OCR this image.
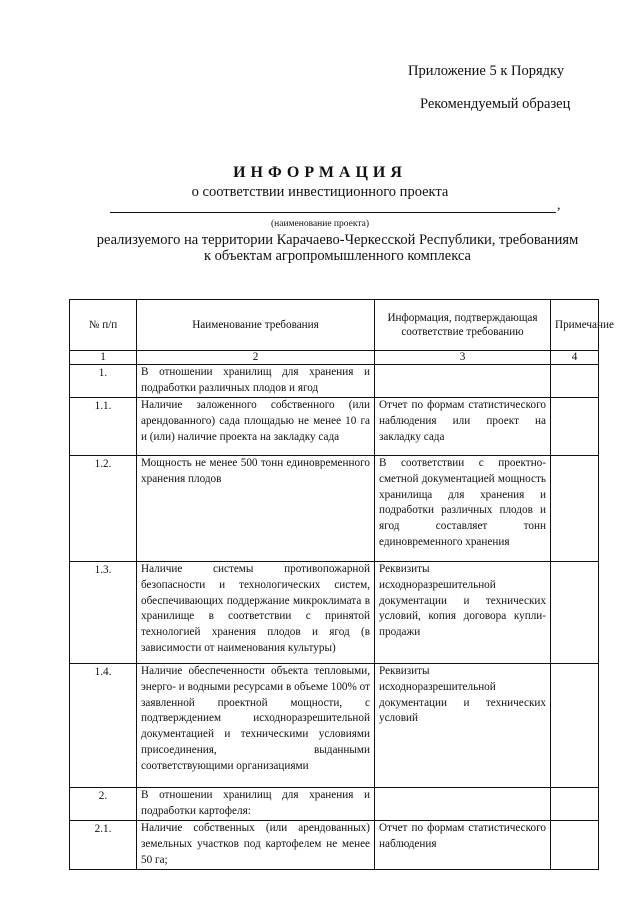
Приложение 5 к Порядку
Рекомендуемый образец
ИНФОРМАЦИЯ
о соответствии инвестиционного проекта
,
(наименование проекта)
реализуемого на территории Карачаево-Черкесской Республики, требованиям
к объектам агропромышленного комплекса
№ п/п	Наименование требования	Информация, подтверждающая соответствие требованию	Примечание
1	2	3	4
1.	В отношении хранилищ для хранения и подработки различных плодов и ягод		
1.1.	Наличие заложенного собственного (или арендованного) сада площадью не менее 10 га и (или) наличие проекта на закладку сада	Отчет по формам статистического наблюдения или проект на закладку сада	
1.2.	Мощность не менее 500 тонн единовременного хранения плодов	В соответствии с проектно-сметной документацией мощность хранилища для хранения и подработки различных плодов и ягод составляет тонн единовременного хранения	
1.3.	Наличие системы противопожарной безопасности и технологических систем, обеспечивающих поддержание микроклимата в хранилище в соответствии с принятой технологией хранения плодов и ягод (в зависимости от наименования культуры)	Реквизиты исходноразрешительной документации и технических условий, копия договора купли- продажи	
1.4.	Наличие обеспеченности объекта тепловыми, энерго- и водными ресурсами в объеме 100% от заявленной проектной мощности, с подтверждением исходноразрешительной документацией и техническими условиями присоединения, выданными соответствующими организациями	Реквизиты исходноразрешительной документации и технических условий	
2.	В отношении хранилищ для хранения и подработки картофеля:		
2.1.	Наличие собственных (или арендованных) земельных участков под картофелем не менее 50 га;	Отчет по формам статистического наблюдения	
